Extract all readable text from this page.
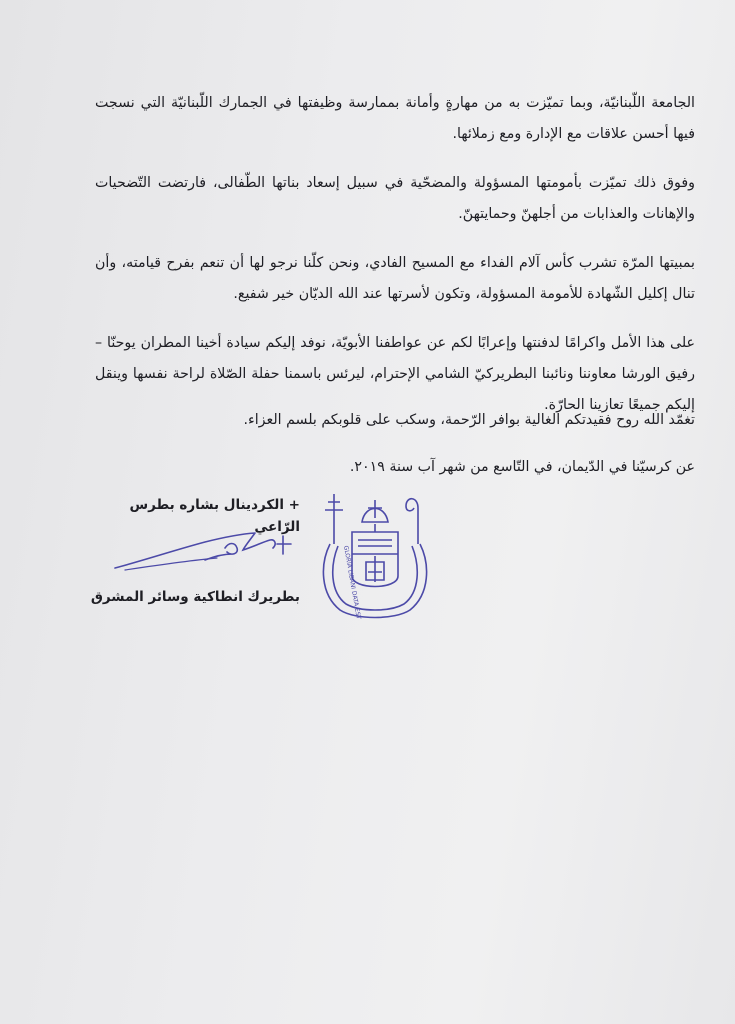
الجامعة اللّبنانيّة، وبما تميّزت به من مهارةٍ وأمانة بممارسة وظيفتها في الجمارك اللّبنانيّة التي نسجت فيها أحسن علاقات مع الإدارة ومع زملائها.

وفوق ذلك تميّزت بأمومتها المسؤولة والمضحّية في سبيل إسعاد بناتها الطّفالى، فارتضت التّضحيات والإهانات والعذابات من أجلهنّ وحمايتهنّ.

بمبيتها المرّة تشرب كأس آلام الفداء مع المسيح الفادي، ونحن كلّنا نرجو لها أن تنعم بفرح قيامته، وأن تنال إكليل الشّهادة للأمومة المسؤولة، وتكون لأسرتها عند الله الديّان خير شفيع.

على هذا الأمل واكرامًا لدفنتها وإعرابًا لكم عن عواطفنا الأبويّة، نوفد إليكم سيادة أخينا المطران يوحنّا – رفيق الورشا معاوننا ونائبنا البطريركيّ الشامي الإحترام، ليرئس باسمنا حفلة الصّلاة لراحة نفسها وينقل إليكم جميعًا تعازينا الحارّة.

تغمّد الله روح فقيدتكم الغالية بوافر الرّحمة، وسكب على قلوبكم بلسم العزاء.

عن كرسيّنا في الدّيمان، في التّاسع من شهر آب سنة ٢٠١٩.
+ الكردينال بشاره بطرس الرّاعي
بطريرك انطاكية وسائر المشرق	GLORIA LIBANI DATA EST
